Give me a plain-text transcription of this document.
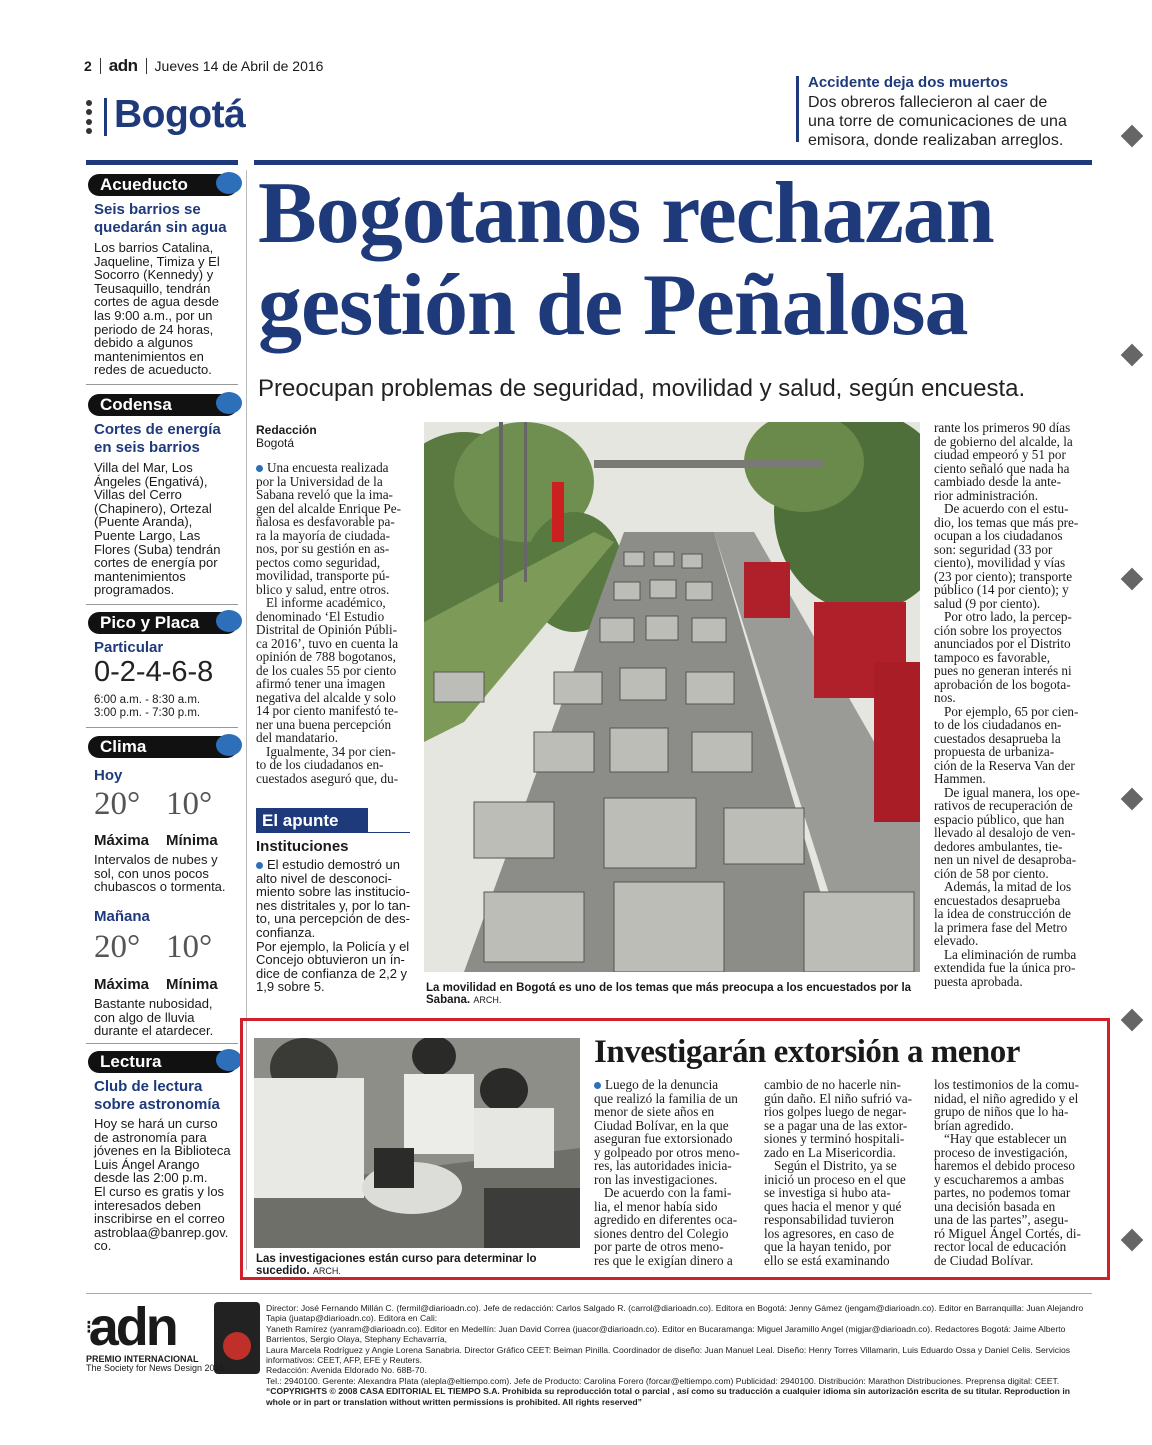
2 adn Jueves 14 de Abril de 2016
Bogotá
Accidente deja dos muertos
Dos obreros fallecieron al caer de
una torre de comunicaciones de una
emisora, donde realizaban arreglos.
Acueducto
Seis barrios se
quedarán sin agua
Los barrios Catalina,
Jaqueline, Timiza y El
Socorro (Kennedy) y
Teusaquillo, tendrán
cortes de agua desde
las 9:00 a.m., por un
periodo de 24 horas,
debido a algunos
mantenimientos en
redes de acueducto.
Codensa
Cortes de energía
en seis barrios
Villa del Mar, Los
Ángeles (Engativá),
Villas del Cerro
(Chapinero), Ortezal
(Puente Aranda),
Puente Largo, Las
Flores (Suba) tendrán
cortes de energía por
mantenimientos
programados.
Pico y Placa
Particular
0-2-4-6-8
6:00 a.m. - 8:30 a.m.
3:00 p.m. - 7:30 p.m.
Clima
Hoy
20° 10°
Máxima Mínima
Intervalos de nubes y
sol, con unos pocos
chubascos o tormenta.
Mañana
20° 10°
Máxima Mínima
Bastante nubosidad,
con algo de lluvia
durante el atardecer.
Lectura
Club de lectura
sobre astronomía
Hoy se hará un curso
de astronomía para
jóvenes en la Biblioteca
Luis Ángel Arango
desde las 2:00 p.m.
El curso es gratis y los
interesados deben
inscribirse en el correo
astroblaa@banrep.gov.
co.
Bogotanos rechazan
gestión de Peñalosa
Preocupan problemas de seguridad, movilidad y salud, según encuesta.
Redacción
Bogotá
Una encuesta realizada
por la Universidad de la
Sabana reveló que la ima-
gen del alcalde Enrique Pe-
ñalosa es desfavorable pa-
ra la mayoría de ciudada-
nos, por su gestión en as-
pectos como seguridad,
movilidad, transporte pú-
blico y salud, entre otros.
El informe académico,
denominado ‘El Estudio
Distrital de Opinión Públi-
ca 2016’, tuvo en cuenta la
opinión de 788 bogotanos,
de los cuales 55 por ciento
afirmó tener una imagen
negativa del alcalde y solo
14 por ciento manifestó te-
ner una buena percepción
del mandatario.
Igualmente, 34 por cien-
to de los ciudadanos en-
cuestados aseguró que, du-
El apunte
Instituciones
El estudio demostró un
alto nivel de desconoci-
miento sobre las institucio-
nes distritales y, por lo tan-
to, una percepción de des-
confianza.
Por ejemplo, la Policía y el
Concejo obtuvieron un ín-
dice de confianza de 2,2 y
1,9 sobre 5.	La movilidad en Bogotá es uno de los temas que más preocupa a los encuestados por la Sabana. ARCH.
rante los primeros 90 días
de gobierno del alcalde, la
ciudad empeoró y 51 por
ciento señaló que nada ha
cambiado desde la ante-
rior administración.
De acuerdo con el estu-
dio, los temas que más pre-
ocupan a los ciudadanos
son: seguridad (33 por
ciento), movilidad y vías
(23 por ciento); transporte
público (14 por ciento); y
salud (9 por ciento).
Por otro lado, la percep-
ción sobre los proyectos
anunciados por el Distrito
tampoco es favorable,
pues no generan interés ni
aprobación de los bogota-
nos.
Por ejemplo, 65 por cien-
to de los ciudadanos en-
cuestados desaprueba la
propuesta de urbaniza-
ción de la Reserva Van der
Hammen.
De igual manera, los ope-
rativos de recuperación de
espacio público, que han
llevado al desalojo de ven-
dedores ambulantes, tie-
nen un nivel de desaproba-
ción de 58 por ciento.
Además, la mitad de los
encuestados desaprueba
la idea de construcción de
la primera fase del Metro
elevado.
La eliminación de rumba
extendida fue la única pro-
puesta aprobada.
Las investigaciones están curso para determinar lo sucedido. ARCH.
Investigarán extorsión a menor
Luego de la denuncia
que realizó la familia de un
menor de siete años en
Ciudad Bolívar, en la que
aseguran fue extorsionado
y golpeado por otros meno-
res, las autoridades inicia-
ron las investigaciones.
De acuerdo con la fami-
lia, el menor había sido
agredido en diferentes oca-
siones dentro del Colegio
por parte de otros meno-
res que le exigían dinero a
cambio de no hacerle nin-
gún daño. El niño sufrió va-
rios golpes luego de negar-
se a pagar una de las extor-
siones y terminó hospitali-
zado en La Misericordia.
Según el Distrito, ya se
inició un proceso en el que
se investiga si hubo ata-
ques hacia el menor y qué
responsabilidad tuvieron
los agresores, en caso de
que la hayan tenido, por
ello se está examinando
los testimonios de la comu-
nidad, el niño agredido y el
grupo de niños que lo ha-
brían agredido.
“Hay que establecer un
proceso de investigación,
haremos el debido proceso
y escucharemos a ambas
partes, no podemos tomar
una decisión basada en
una de las partes”, asegu-
ró Miguel Ángel Cortés, di-
rector local de educación
de Ciudad Bolívar.
⁝adn
PREMIO INTERNACIONAL
The Society for News Design 2015
Director: José Fernando Millán C. (fermil@diarioadn.co). Jefe de redacción: Carlos Salgado R. (carrol@diarioadn.co). Editora en Bogotá: Jenny Gámez (jengam@diarioadn.co). Editor en Barranquilla: Juan Alejandro Tapia (juatap@diarioadn.co). Editora en Cali:
Yaneth Ramírez (yanram@diarioadn.co). Editor en Medellín: Juan David Correa (juacor@diarioadn.co). Editor en Bucaramanga: Miguel Jaramillo Angel (migjar@diarioadn.co). Redactores Bogotá: Jaime Alberto Barrientos, Sergio Olaya, Stephany Echavarría,
Laura Marcela Rodríguez y Angie Lorena Sanabria. Director Gráfico CEET: Beiman Pinilla. Coordinador de diseño: Juan Manuel Leal. Diseño: Henry Torres Villamarin, Luis Eduardo Ossa y Daniel Celis. Servicios informativos: CEET, AFP, EFE y Reuters.
Redacción: Avenida Eldorado No. 68B-70.
Tel.: 2940100. Gerente: Alexandra Plata (alepla@eltiempo.com). Jefe de Producto: Carolina Forero (forcar@eltiempo.com) Publicidad: 2940100. Distribución: Marathon Distribuciones. Preprensa digital: CEET.
“COPYRIGHTS © 2008 CASA EDITORIAL EL TIEMPO S.A. Prohibida su reproducción total o parcial , así como su traducción a cualquier idioma sin autorización escrita de su titular. Reproduction in whole or in part or translation without written permissions is prohibited. All rights reserved”
